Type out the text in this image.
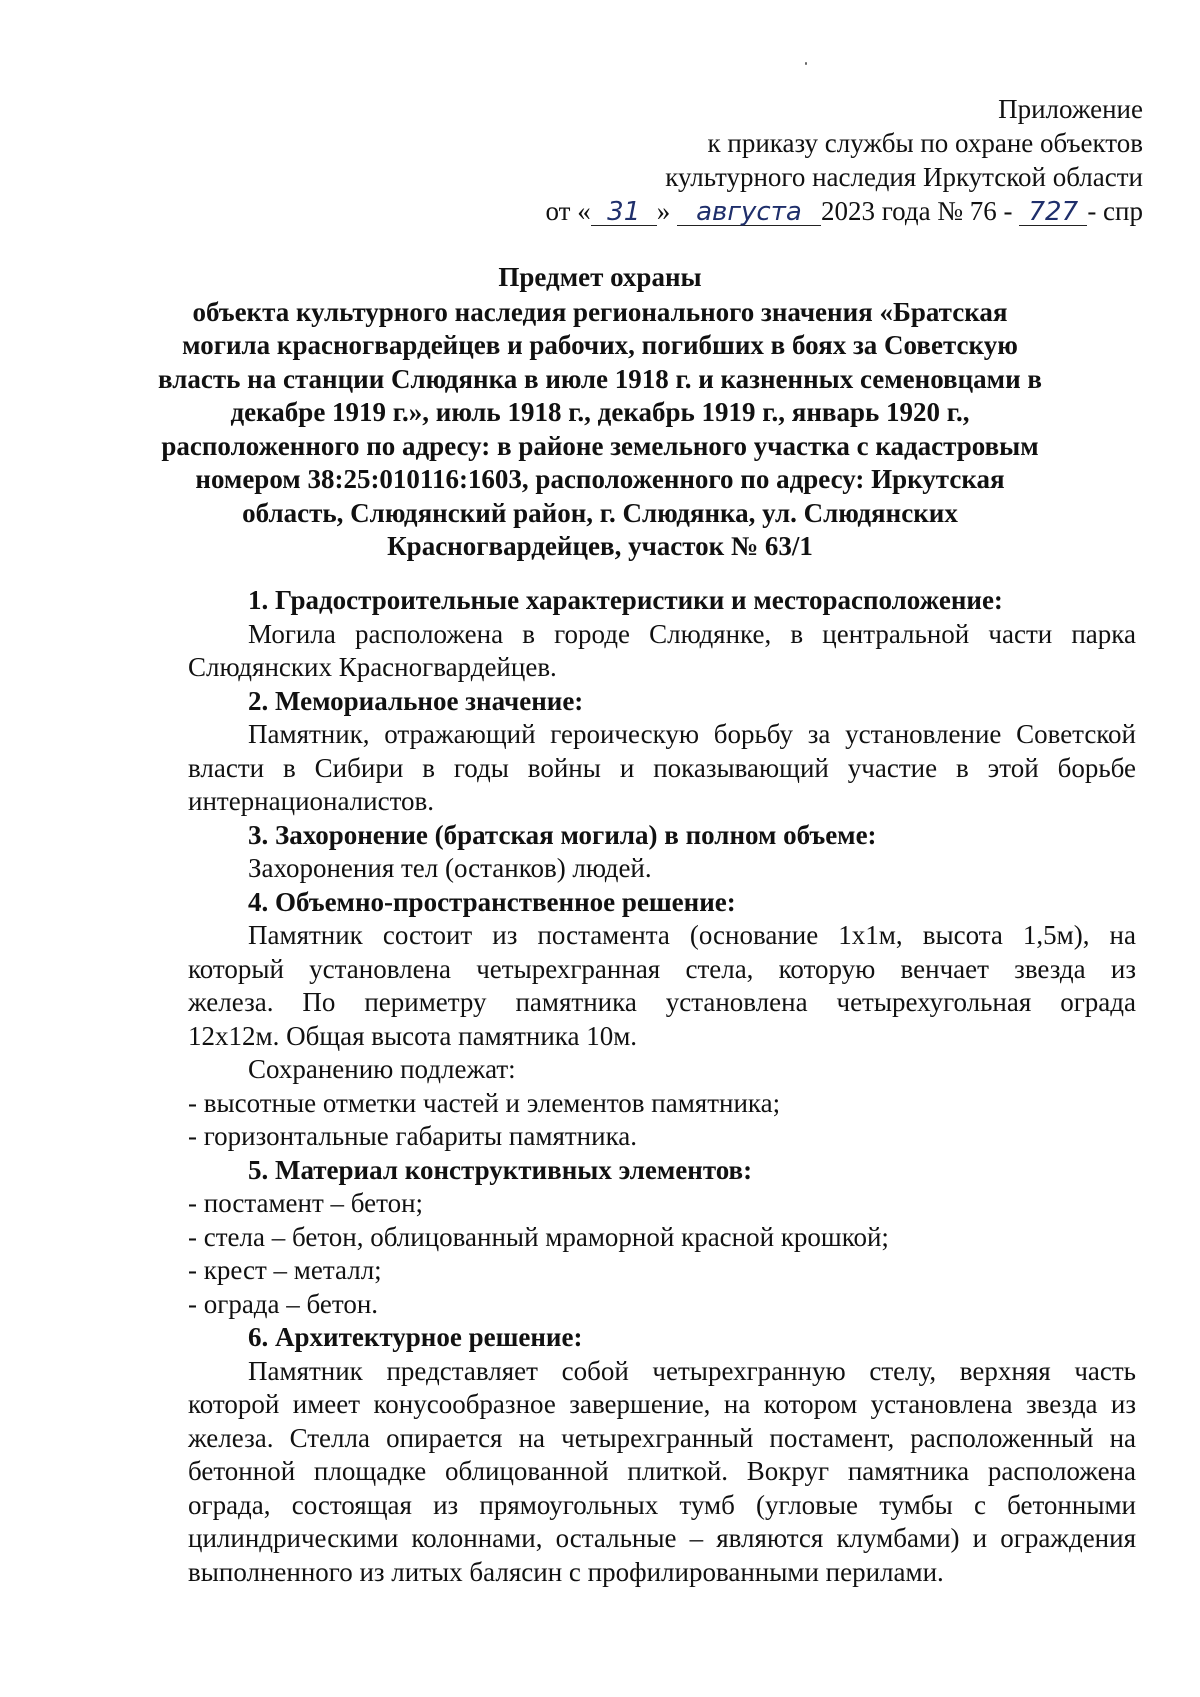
Приложение
к приказу службы по охране объектов
культурного наследия Иркутской области
от « 31 » августа 2023 года № 76 - 727 - спр
Предмет охраны
объекта культурного наследия регионального значения «Братская
могила красногвардейцев и рабочих, погибших в боях за Советскую
власть на станции Слюдянка в июле 1918 г. и казненных семеновцами в
декабре 1919 г.», июль 1918 г., декабрь 1919 г., январь 1920 г.,
расположенного по адресу: в районе земельного участка с кадастровым
номером 38:25:010116:1603, расположенного по адресу: Иркутская
область, Слюдянский район, г. Слюдянка, ул. Слюдянских
Красногвардейцев, участок № 63/1
1. Градостроительные характеристики и месторасположение:
Могила расположена в городе Слюдянке, в центральной части парка
Слюдянских Красногвардейцев.
2. Мемориальное значение:
Памятник, отражающий героическую борьбу за установление Советской
власти в Сибири в годы войны и показывающий участие в этой борьбе
интернационалистов.
3. Захоронение (братская могила) в полном объеме:
Захоронения тел (останков) людей.
4. Объемно-пространственное решение:
Памятник состоит из постамента (основание 1х1м, высота 1,5м), на
который установлена четырехгранная стела, которую венчает звезда из
железа. По периметру памятника установлена четырехугольная ограда
12х12м. Общая высота памятника 10м.
Сохранению подлежат:
- высотные отметки частей и элементов памятника;
- горизонтальные габариты памятника.
5. Материал конструктивных элементов:
- постамент – бетон;
- стела – бетон, облицованный мраморной красной крошкой;
- крест – металл;
- ограда – бетон.
6. Архитектурное решение:
Памятник представляет собой четырехгранную стелу, верхняя часть
которой имеет конусообразное завершение, на котором установлена звезда из
железа. Стелла опирается на четырехгранный постамент, расположенный на
бетонной площадке облицованной плиткой. Вокруг памятника расположена
ограда, состоящая из прямоугольных тумб (угловые тумбы с бетонными
цилиндрическими колоннами, остальные – являются клумбами) и ограждения
выполненного из литых балясин с профилированными перилами.
